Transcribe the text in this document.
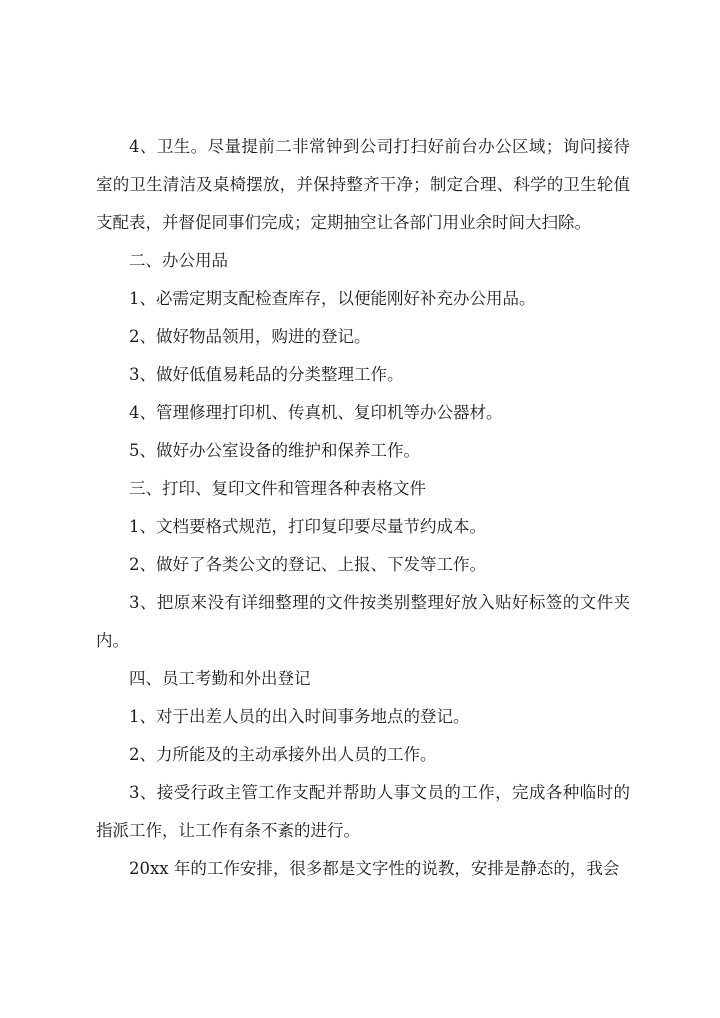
4、卫生。尽量提前二非常钟到公司打扫好前台办公区域；询问接待室的卫生清洁及桌椅摆放，并保持整齐干净；制定合理、科学的卫生轮值支配表，并督促同事们完成；定期抽空让各部门用业余时间大扫除。

二、办公用品

1、必需定期支配检查库存，以便能刚好补充办公用品。

2、做好物品领用，购进的登记。

3、做好低值易耗品的分类整理工作。

4、管理修理打印机、传真机、复印机等办公器材。

5、做好办公室设备的维护和保养工作。

三、打印、复印文件和管理各种表格文件

1、文档要格式规范，打印复印要尽量节约成本。

2、做好了各类公文的登记、上报、下发等工作。

3、把原来没有详细整理的文件按类别整理好放入贴好标签的文件夹内。

四、员工考勤和外出登记

1、对于出差人员的出入时间事务地点的登记。

2、力所能及的主动承接外出人员的工作。

3、接受行政主管工作支配并帮助人事文员的工作，完成各种临时的指派工作，让工作有条不紊的进行。

20xx 年的工作安排，很多都是文字性的说教，安排是静态的，我会
